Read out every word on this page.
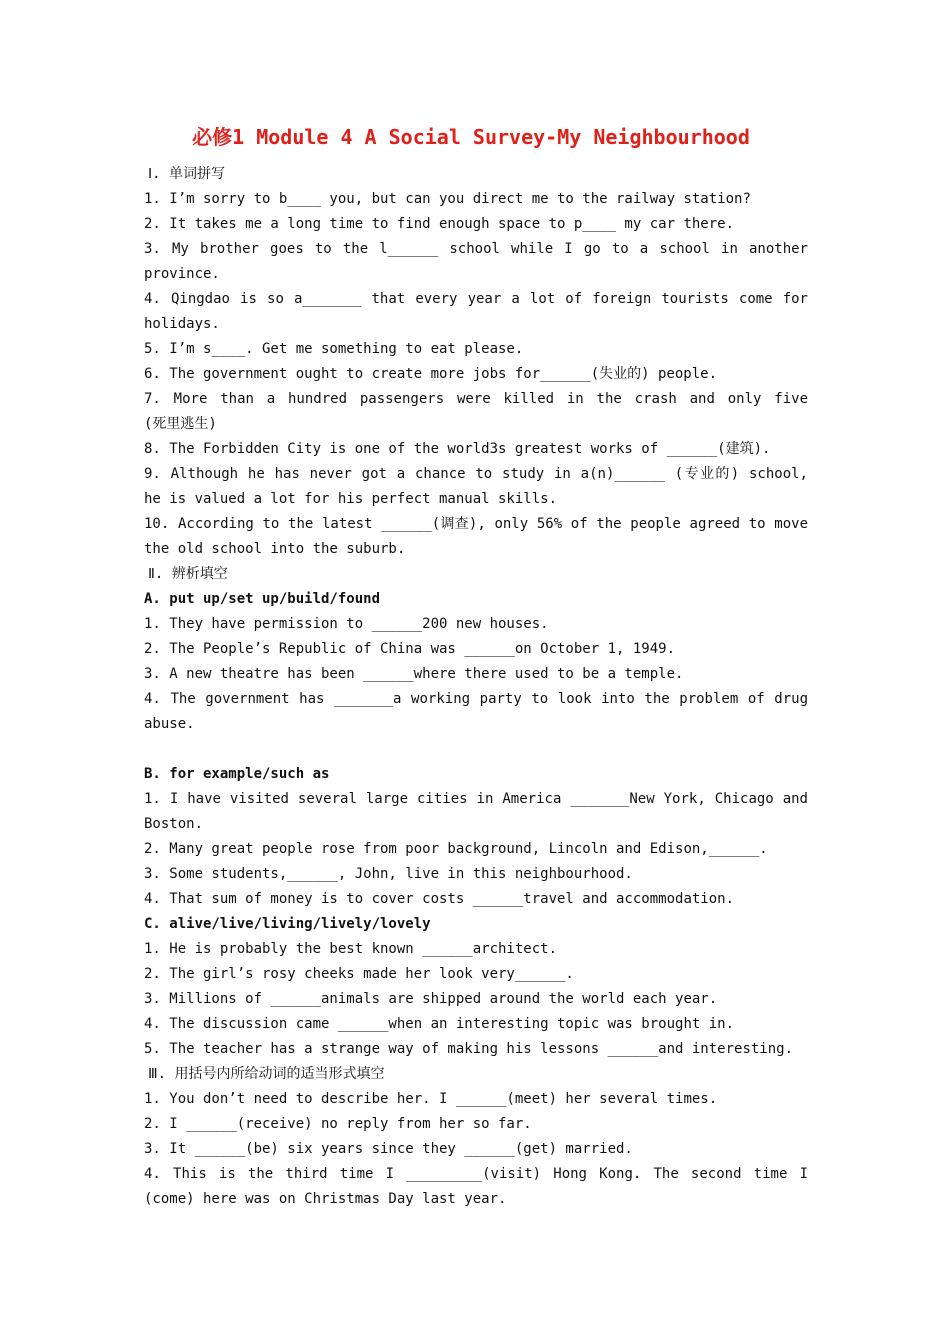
必修1 Module 4 A Social Survey-My Neighbourhood
Ⅰ. 单词拼写
1. I’m sorry to b____ you, but can you direct me to the railway station?
2. It takes me a long time to find enough space to p____ my car there.
3. My brother goes to the l______ school while I go to a school in another
province.
4. Qingdao is so a_______ that every year a lot of foreign tourists come for
holidays.
5. I’m s____. Get me something to eat please.
6. The government ought to create more jobs for______(失业的) people.
7. More than a hundred passengers were killed in the crash and only five
(死里逃生)
8. The Forbidden City is one of the world3s greatest works of ______(建筑).
9. Although he has never got a chance to study in a(n)______ (专业的) school,
he is valued a lot for his perfect manual skills.
10. According to the latest ______(调查), only 56% of the people agreed to move
the old school into the suburb.
Ⅱ. 辨析填空
A. put up/set up/build/found
1. They have permission to ______200 new houses.
2. The People’s Republic of China was ______on October 1, 1949.
3. A new theatre has been ______where there used to be a temple.
4. The government has _______a working party to look into the problem of drug
abuse.
B. for example/such as
1. I have visited several large cities in America _______New York, Chicago and
Boston.
2. Many great people rose from poor background, Lincoln and Edison,______.
3. Some students,______, John, live in this neighbourhood.
4. That sum of money is to cover costs ______travel and accommodation.
C. alive/live/living/lively/lovely
1. He is probably the best known ______architect.
2. The girl’s rosy cheeks made her look very______.
3. Millions of ______animals are shipped around the world each year.
4. The discussion came ______when an interesting topic was brought in.
5. The teacher has a strange way of making his lessons ______and interesting.
Ⅲ. 用括号内所给动词的适当形式填空
1. You don’t need to describe her. I ______(meet) her several times.
2. I ______(receive) no reply from her so far.
3. It ______(be) six years since they ______(get) married.
4. This is the third time I _________(visit) Hong Kong. The second time I
(come) here was on Christmas Day last year.
